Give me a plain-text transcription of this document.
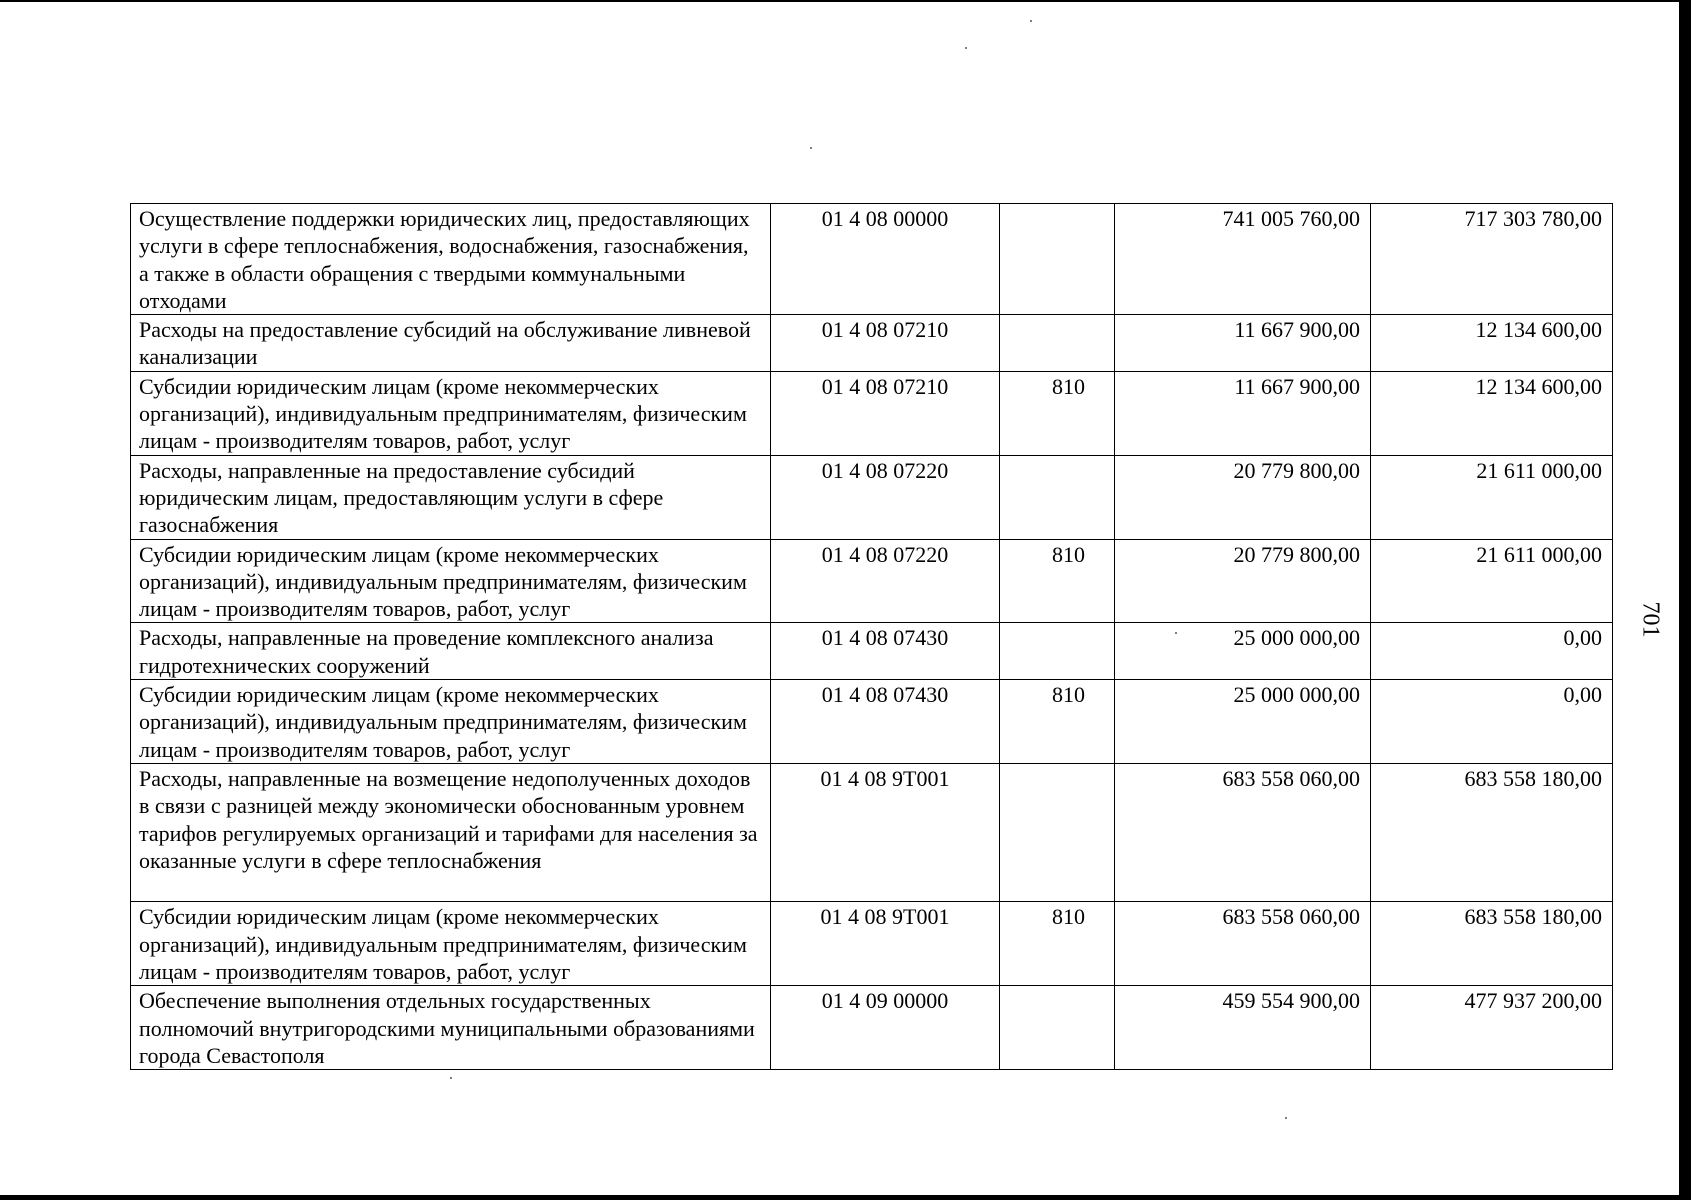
Осуществление поддержки юридических лиц, предоставляющих услуги в сфере теплоснабжения, водоснабжения, газоснабжения, а также в области обращения с твердыми коммунальными отходами	01 4 08 00000		741 005 760,00	717 303 780,00
Расходы на предоставление субсидий на обслуживание ливневой канализации	01 4 08 07210		11 667 900,00	12 134 600,00
Субсидии юридическим лицам (кроме некоммерческих организаций), индивидуальным предпринимателям, физическим лицам - производителям товаров, работ, услуг	01 4 08 07210	810	11 667 900,00	12 134 600,00
Расходы, направленные на предоставление субсидий юридическим лицам, предоставляющим услуги в сфере газоснабжения	01 4 08 07220		20 779 800,00	21 611 000,00
Субсидии юридическим лицам (кроме некоммерческих организаций), индивидуальным предпринимателям, физическим лицам - производителям товаров, работ, услуг	01 4 08 07220	810	20 779 800,00	21 611 000,00
Расходы, направленные на проведение комплексного анализа гидротехнических сооружений	01 4 08 07430		25 000 000,00	0,00
Субсидии юридическим лицам (кроме некоммерческих организаций), индивидуальным предпринимателям, физическим лицам - производителям товаров, работ, услуг	01 4 08 07430	810	25 000 000,00	0,00
Расходы, направленные на возмещение недополученных доходов в связи с разницей между экономически обоснованным уровнем тарифов регулируемых организаций и тарифами для населения за оказанные услуги в сфере теплоснабжения	01 4 08 9Т001		683 558 060,00	683 558 180,00
Субсидии юридическим лицам (кроме некоммерческих организаций), индивидуальным предпринимателям, физическим лицам - производителям товаров, работ, услуг	01 4 08 9Т001	810	683 558 060,00	683 558 180,00
Обеспечение выполнения отдельных государственных полномочий внутригородскими муниципальными образованиями города Севастополя	01 4 09 00000		459 554 900,00	477 937 200,00
701
